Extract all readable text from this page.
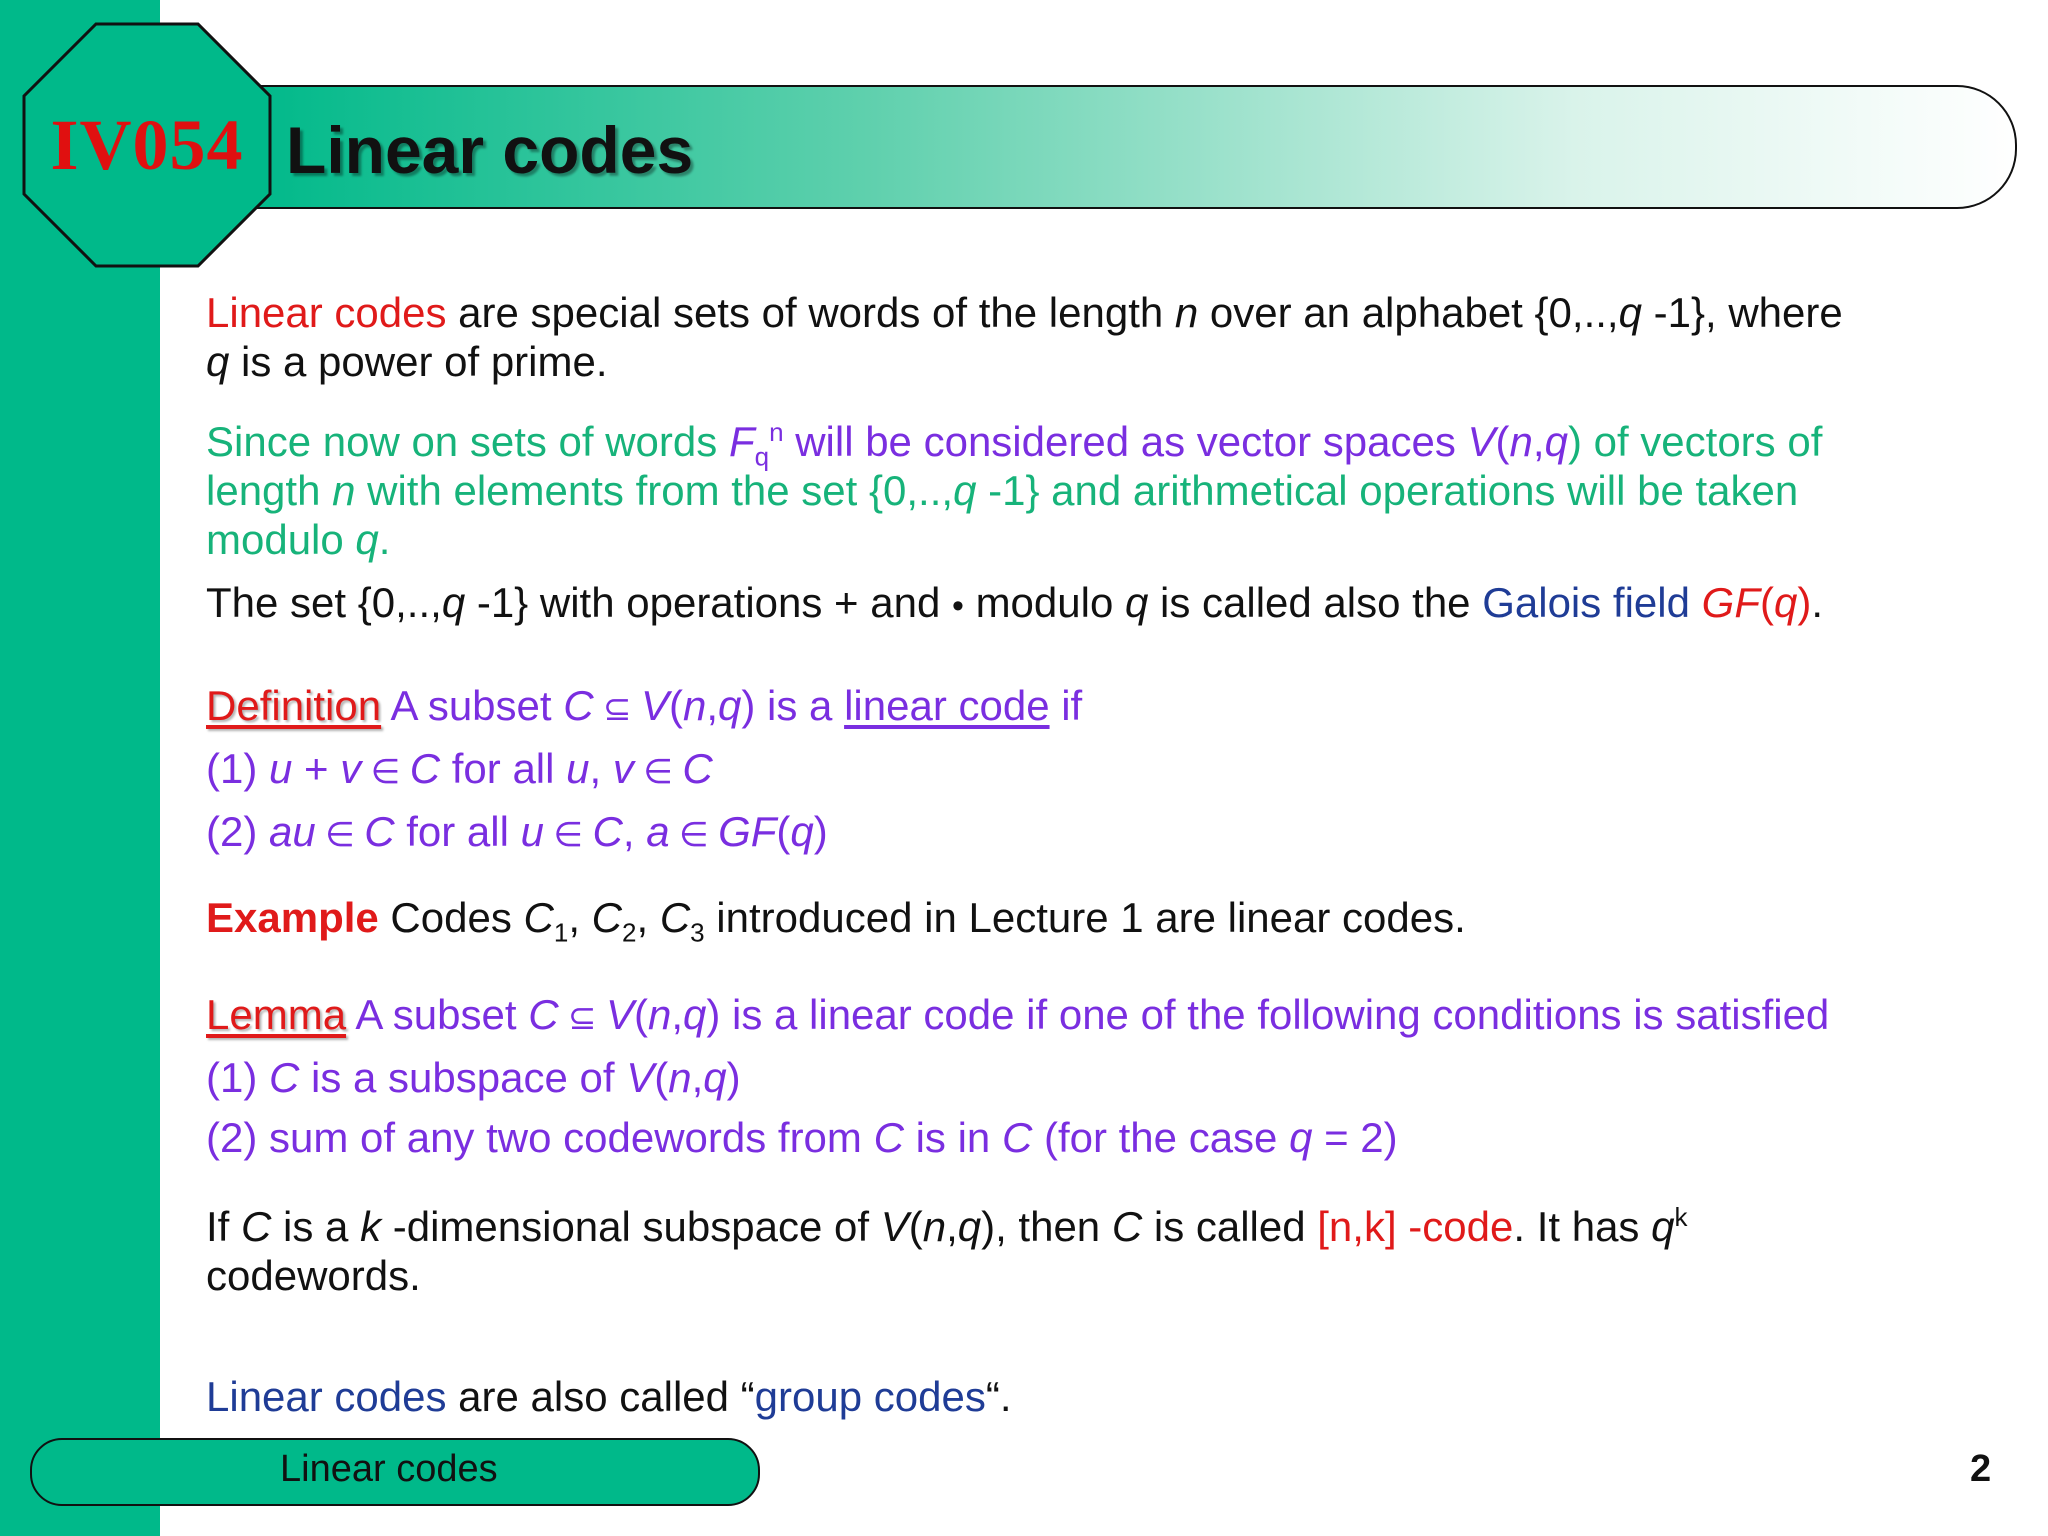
IV054 Linear codes

Linear codes are special sets of words of the length n over an alphabet {0,..,q -1}, where
q is a power of prime.

Since now on sets of words $F_q^n$ will be considered as vector spaces V(n,q) of vectors of
length n with elements from the set {0,..,q -1} and arithmetical operations will be taken
modulo q.

The set {0,..,q -1} with operations + and • modulo q is called also the Galois field GF(q).

Definition A subset C ⊆ V(n,q) is a linear code if
(1) u + v ∈ C for all u, v ∈ C
(2) au ∈ C for all u ∈ C, a ∈ GF(q)

Example Codes $C_1$, $C_2$, $C_3$ introduced in Lecture 1 are linear codes.

Lemma A subset C ⊆ V(n,q) is a linear code if one of the following conditions is satisfied
(1) C is a subspace of V(n,q)
(2) sum of any two codewords from C is in C (for the case q = 2)

If C is a k -dimensional subspace of V(n,q), then C is called [n,k] -code. It has $q^k$
codewords.

Linear codes are also called “group codes“.

Linear codes	2
